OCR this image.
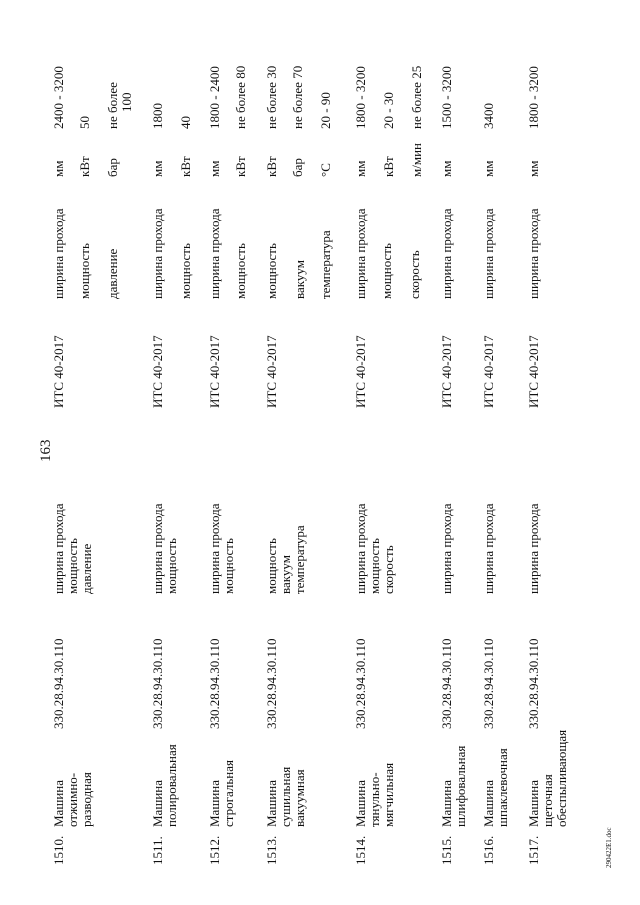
163
290422E1.doc
1510.
Машина отжимно- разводная
330.28.94.30.110
ширина прохода мощность давление
ИТС 40-2017
ширина прохода мощность давление
мм кВт бар
2400 - 3200 50 не более 100
1511.
Машина полировальная
330.28.94.30.110
ширина прохода мощность
ИТС 40-2017
ширина прохода мощность
мм кВт
1800 40
1512.
Машина строгальная
330.28.94.30.110
ширина прохода мощность
ИТС 40-2017
ширина прохода мощность
мм кВт
1800 - 2400 не более 80
1513.
Машина сушильная вакуумная
330.28.94.30.110
мощность вакуум температура
ИТС 40-2017
мощность вакуум температура
кВт бар °С
не более 30 не более 70 20 - 90
1514.
Машина тянульно- мягчильная
330.28.94.30.110
ширина прохода мощность скорость
ИТС 40-2017
ширина прохода мощность скорость
мм кВт м/мин
1800 - 3200 20 - 30 не более 25
1515.
Машина шлифовальная
330.28.94.30.110
ширина прохода
ИТС 40-2017
ширина прохода
мм
1500 - 3200
1516.
Машина шпаклевочная
330.28.94.30.110
ширина прохода
ИТС 40-2017
ширина прохода
мм
3400
1517.
Машина щеточная обеспыливающая
330.28.94.30.110
ширина прохода
ИТС 40-2017
ширина прохода
мм
1800 - 3200
